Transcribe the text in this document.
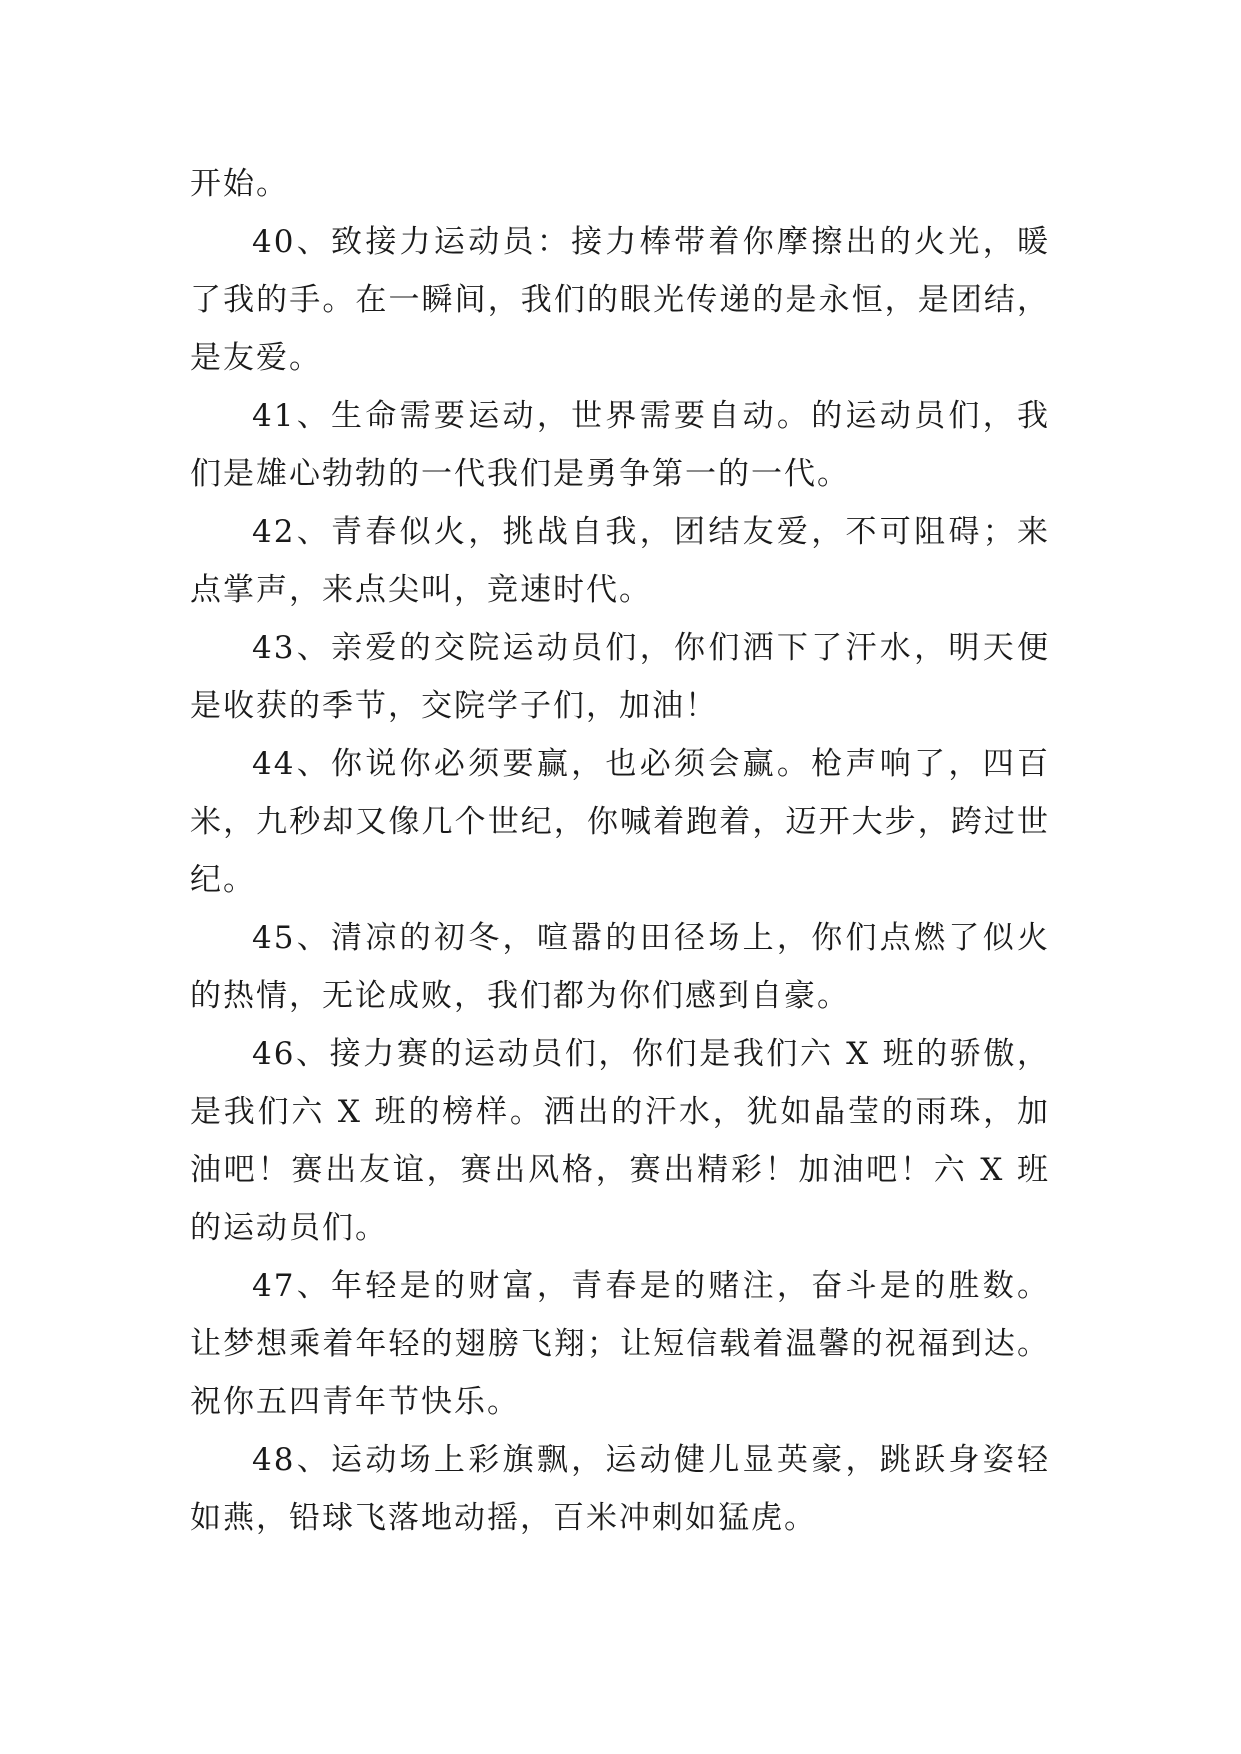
开始。

40、致接力运动员：接力棒带着你摩擦出的火光，暖了我的手。在一瞬间，我们的眼光传递的是永恒，是团结，是友爱。

41、生命需要运动，世界需要自动。的运动员们，我们是雄心勃勃的一代我们是勇争第一的一代。

42、青春似火，挑战自我，团结友爱，不可阻碍；来点掌声，来点尖叫，竞速时代。

43、亲爱的交院运动员们，你们洒下了汗水，明天便是收获的季节，交院学子们，加油！

44、你说你必须要赢，也必须会赢。枪声响了，四百米，九秒却又像几个世纪，你喊着跑着，迈开大步，跨过世纪。

45、清凉的初冬，喧嚣的田径场上，你们点燃了似火的热情，无论成败，我们都为你们感到自豪。

46、接力赛的运动员们，你们是我们六 X 班的骄傲，是我们六 X 班的榜样。洒出的汗水，犹如晶莹的雨珠，加油吧！赛出友谊，赛出风格，赛出精彩！加油吧！六 X 班的运动员们。

47、年轻是的财富，青春是的赌注，奋斗是的胜数。让梦想乘着年轻的翅膀飞翔；让短信载着温馨的祝福到达。祝你五四青年节快乐。

48、运动场上彩旗飘，运动健儿显英豪，跳跃身姿轻如燕，铅球飞落地动摇，百米冲刺如猛虎。
